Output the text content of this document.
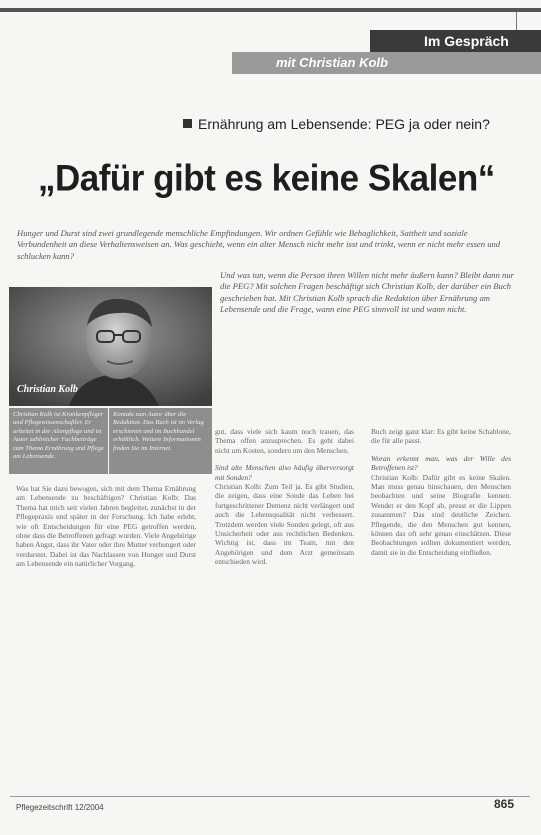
Im Gespräch
mit Christian Kolb
Ernährung am Lebensende: PEG ja oder nein?
„Dafür gibt es keine Skalen“
Hunger und Durst sind zwei grundlegende menschliche Empfindungen. Wir ordnen Gefühle wie Behaglichkeit, Sattheit und soziale Verbundenheit an diese Verhaltensweisen an. Was geschieht, wenn ein alter Mensch nicht mehr isst und trinkt, wenn er nicht mehr essen und schlucken kann?
Und was tun, wenn die Person ihren Willen nicht mehr äußern kann? Bleibt dann nur die PEG? Mit solchen Fragen beschäftigt sich Christian Kolb, der darüber ein Buch geschrieben hat. Mit Christian Kolb sprach die Redaktion über Ernährung am Lebensende und die Frage, wann eine PEG sinnvoll ist und wann nicht.
Christian Kolb
Christian Kolb ist Krankenpfleger und Pflegewissenschaftler. Er arbeitet in der Altenpflege und ist Autor zahlreicher Fachbeiträge zum Thema Ernährung und Pflege am Lebensende.
Kontakt zum Autor über die Redaktion. Das Buch ist im Verlag erschienen und im Buchhandel erhältlich. Weitere Informationen finden Sie im Internet.
Was hat Sie dazu bewogen, sich mit dem Thema Ernährung am Lebensende zu beschäftigen? Christian Kolb: Das Thema hat mich seit vielen Jahren begleitet, zunächst in der Pflegepraxis und später in der Forschung. Ich habe erlebt, wie oft Entscheidungen für eine PEG getroffen werden, ohne dass die Betroffenen gefragt wurden. Viele Angehörige haben Angst, dass ihr Vater oder ihre Mutter verhungert oder verdurstet. Dabei ist das Nachlassen von Hunger und Durst am Lebensende ein natürlicher Vorgang.
gut, dass viele sich kaum noch trauen, das Thema offen anzusprechen. Es geht dabei nicht um Kosten, sondern um den Menschen.
Sind alte Menschen also häufig überversorgt mit Sonden?
Christian Kolb: Zum Teil ja. Es gibt Studien, die zeigen, dass eine Sonde das Leben bei fortgeschrittener Demenz nicht verlängert und auch die Lebensqualität nicht verbessert. Trotzdem werden viele Sonden gelegt, oft aus Unsicherheit oder aus rechtlichen Bedenken. Wichtig ist, dass im Team, mit den Angehörigen und dem Arzt gemeinsam entschieden wird.
Buch zeigt ganz klar: Es gibt keine Schablone, die für alle passt.
Woran erkennt man, was der Wille des Betroffenen ist?
Christian Kolb: Dafür gibt es keine Skalen. Man muss genau hinschauen, den Menschen beobachten und seine Biografie kennen. Wendet er den Kopf ab, presst er die Lippen zusammen? Das sind deutliche Zeichen. Pflegende, die den Menschen gut kennen, können das oft sehr genau einschätzen. Diese Beobachtungen sollten dokumentiert werden, damit sie in die Entscheidung einfließen.
Pflegezeitschrift 12/2004	865
